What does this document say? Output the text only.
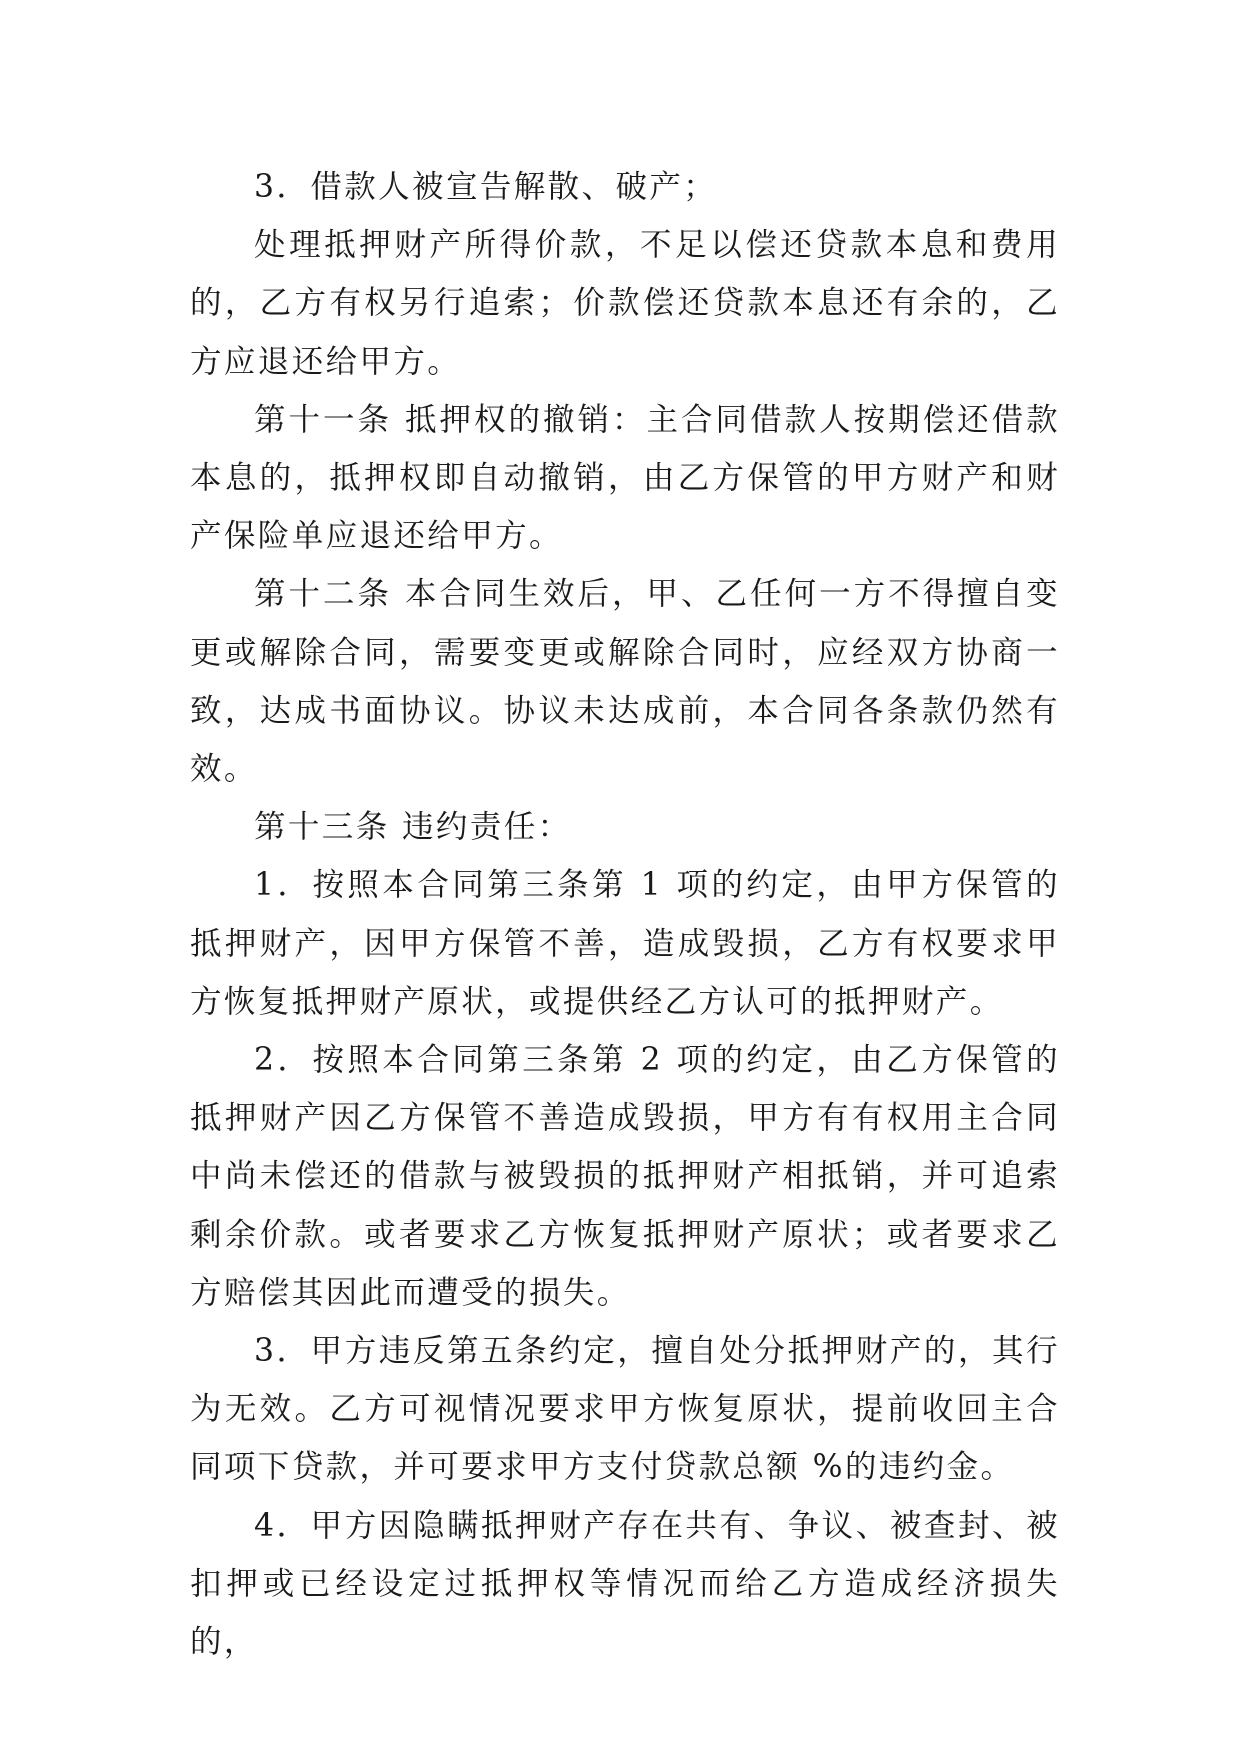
3．借款人被宣告解散、破产；

处理抵押财产所得价款，不足以偿还贷款本息和费用的，乙方有权另行追索；价款偿还贷款本息还有余的，乙方应退还给甲方。

第十一条 抵押权的撤销：主合同借款人按期偿还借款本息的，抵押权即自动撤销，由乙方保管的甲方财产和财产保险单应退还给甲方。

第十二条 本合同生效后，甲、乙任何一方不得擅自变更或解除合同，需要变更或解除合同时，应经双方协商一致，达成书面协议。协议未达成前，本合同各条款仍然有效。

第十三条 违约责任：

1．按照本合同第三条第 1 项的约定，由甲方保管的抵押财产，因甲方保管不善，造成毁损，乙方有权要求甲方恢复抵押财产原状，或提供经乙方认可的抵押财产。

2．按照本合同第三条第 2 项的约定，由乙方保管的抵押财产因乙方保管不善造成毁损，甲方有有权用主合同中尚未偿还的借款与被毁损的抵押财产相抵销，并可追索剩余价款。或者要求乙方恢复抵押财产原状；或者要求乙方赔偿其因此而遭受的损失。

3．甲方违反第五条约定，擅自处分抵押财产的，其行为无效。乙方可视情况要求甲方恢复原状，提前收回主合同项下贷款，并可要求甲方支付贷款总额 %的违约金。

4．甲方因隐瞒抵押财产存在共有、争议、被查封、被扣押或已经设定过抵押权等情况而给乙方造成经济损失的，
